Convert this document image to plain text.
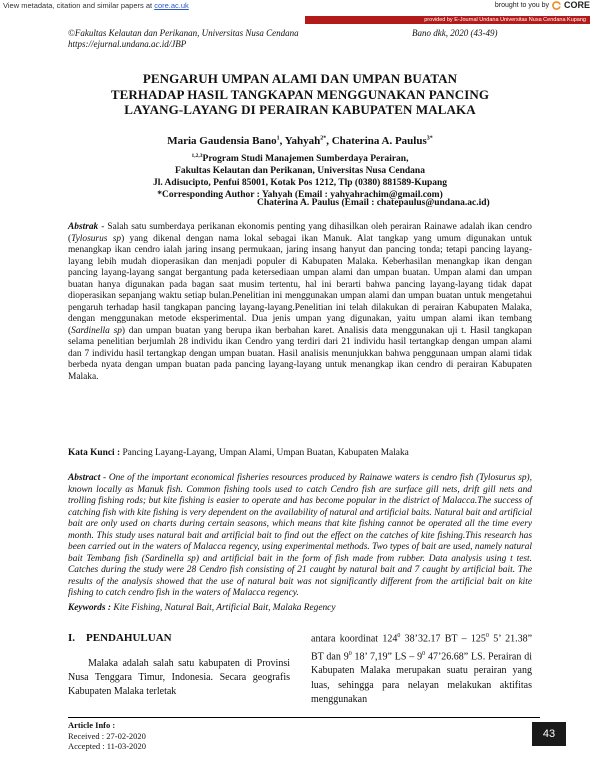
View metadata, citation and similar papers at core.ac.uk	brought to you by CORE
provided by E-Journal Undana Universitas Nusa Cendana Kupang
©Fakultas Kelautan dan Perikanan, Universitas Nusa Cendana
https://ejurnal.undana.ac.id/JBP
Bano dkk, 2020 (43-49)
PENGARUH UMPAN ALAMI DAN UMPAN BUATAN
TERHADAP HASIL TANGKAPAN MENGGUNAKAN PANCING
LAYANG-LAYANG DI PERAIRAN KABUPATEN MALAKA
Maria Gaudensia Bano$^1$, Yahyah$^{2*}$, Chaterina A. Paulus$^{3*}$
$^{1,2,3}$Program Studi Manajemen Sumberdaya Perairan,
Fakultas Kelautan dan Perikanan, Universitas Nusa Cendana
Jl. Adisucipto, Penfui 85001, Kotak Pos 1212, Tlp (0380) 881589-Kupang
*Corresponding Author : Yahyah (Email : yahyahrachim@gmail.com)
Chaterina A. Paulus (Email : chatepaulus@undana.ac.id)
Abstrak - Salah satu sumberdaya perikanan ekonomis penting yang dihasilkan oleh perairan Rainawe adalah ikan cendro (Tylosurus sp) yang dikenal dengan nama lokal sebagai ikan Manuk. Alat tangkap yang umum digunakan untuk menangkap ikan cendro ialah jaring insang permukaan, jaring insang hanyut dan pancing tonda; tetapi pancing layang-layang lebih mudah dioperasikan dan menjadi populer di Kabupaten Malaka. Keberhasilan menangkap ikan dengan pancing layang-layang sangat bergantung pada ketersediaan umpan alami dan umpan buatan. Umpan alami dan umpan buatan hanya digunakan pada bagan saat musim tertentu, hal ini berarti bahwa pancing layang-layang tidak dapat dioperasikan sepanjang waktu setiap bulan.Penelitian ini menggunakan umpan alami dan umpan buatan untuk mengetahui pengaruh terhadap hasil tangkapan pancing layang-layang.Penelitian ini telah dilakukan di perairan Kabupaten Malaka, dengan menggunakan metode eksperimental. Dua jenis umpan yang digunakan, yaitu umpan alami ikan tembang (Sardinella sp) dan umpan buatan yang berupa ikan berbahan karet. Analisis data menggunakan uji t. Hasil tangkapan selama penelitian berjumlah 28 individu ikan Cendro yang terdiri dari 21 individu hasil tertangkap dengan umpan alami dan 7 individu hasil tertangkap dengan umpan buatan. Hasil analisis menunjukkan bahwa penggunaan umpan alami tidak berbeda nyata dengan umpan buatan pada pancing layang-layang untuk menangkap ikan cendro di perairan Kabupaten Malaka.
Kata Kunci : Pancing Layang-Layang, Umpan Alami, Umpan Buatan, Kabupaten Malaka
Abstract - One of the important economical fisheries resources produced by Rainawe waters is cendro fish (Tylosurus sp), known locally as Manuk fish. Common fishing tools used to catch Cendro fish are surface gill nets, drift gill nets and trolling fishing rods; but kite fishing is easier to operate and has become popular in the district of Malacca.The success of catching fish with kite fishing is very dependent on the availability of natural and artificial baits. Natural bait and artificial bait are only used on charts during certain seasons, which means that kite fishing cannot be operated all the time every month. This study uses natural bait and artificial bait to find out the effect on the catches of kite fishing.This research has been carried out in the waters of Malacca regency, using experimental methods. Two types of bait are used, namely natural bait Tembang fish (Sardinella sp) and artificial bait in the form of fish made from rubber. Data analysis using t test. Catches during the study were 28 Cendro fish consisting of 21 caught by natural bait and 7 caught by artificial bait. The results of the analysis showed that the use of natural bait was not significantly different from the artificial bait on kite fishing to catch cendro fish in the waters of Malacca regency.
Keywords : Kite Fishing, Natural Bait, Artificial Bait, Malaka Regency
I. PENDAHULUAN
Malaka adalah salah satu kabupaten di Provinsi Nusa Tenggara Timur, Indonesia. Secara geografis Kabupaten Malaka terletak
antara koordinat $124^0$ 38’32.17 BT – $125^0$ 5’ 21.38” BT dan $9^0$ 18’ 7,19” LS – $9^0$ 47’26.68” LS. Perairan di Kabupaten Malaka merupakan suatu perairan yang luas, sehingga para nelayan melakukan aktifitas menggunakan
Article Info :
Received : 27-02-2020
Accepted : 11-03-2020
43
